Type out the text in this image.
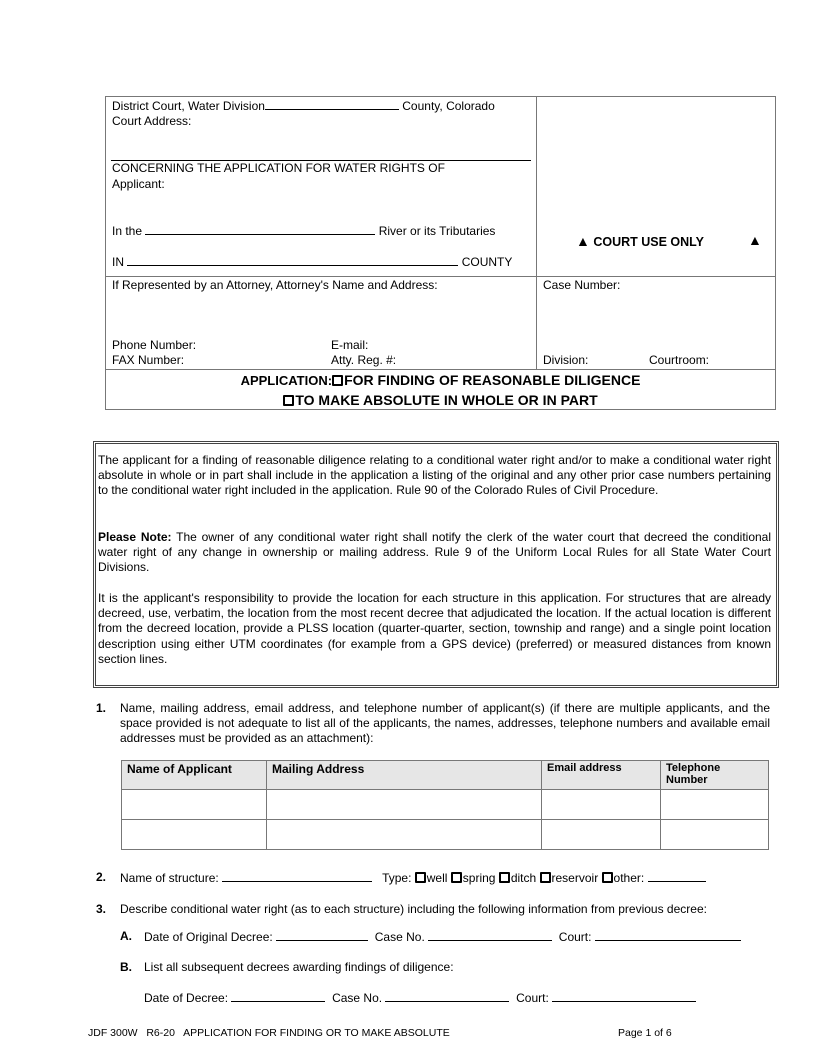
District Court, Water Division	County, Colorado
Court Address:
CONCERNING THE APPLICATION FOR WATER RIGHTS OF
Applicant:
In the	River or its Tributaries
IN	COUNTY
▲ COURT USE ONLY	▲
If Represented by an Attorney, Attorney's Name and Address:
Phone Number:	E-mail:
FAX Number:	Atty. Reg. #:
Case Number:
Division:	Courtroom:
APPLICATION: FOR FINDING OF REASONABLE DILIGENCE
TO MAKE ABSOLUTE IN WHOLE OR IN PART

The applicant for a finding of reasonable diligence relating to a conditional water right and/or to make a conditional water right absolute in whole or in part shall include in the application a listing of the original and any other prior case numbers pertaining to the conditional water right included in the application. Rule 90 of the Colorado Rules of Civil Procedure.

Please Note: The owner of any conditional water right shall notify the clerk of the water court that decreed the conditional water right of any change in ownership or mailing address. Rule 9 of the Uniform Local Rules for all State Water Court Divisions.

It is the applicant's responsibility to provide the location for each structure in this application. For structures that are already decreed, use, verbatim, the location from the most recent decree that adjudicated the location. If the actual location is different from the decreed location, provide a PLSS location (quarter-quarter, section, township and range) and a single point location description using either UTM coordinates (for example from a GPS device) (preferred) or measured distances from known section lines.

1. Name, mailing address, email address, and telephone number of applicant(s) (if there are multiple applicants, and the space provided is not adequate to list all of the applicants, the names, addresses, telephone numbers and available email addresses must be provided as an attachment):
Name of Applicant	Mailing Address	Email address	Telephone Number

2. Name of structure:	Type: well spring ditch reservoir other:
3. Describe conditional water right (as to each structure) including the following information from previous decree:
A. Date of Original Decree:	Case No.	Court:
B. List all subsequent decrees awarding findings of diligence:
Date of Decree:	Case No.	Court:
JDF 300W   R6-20   APPLICATION FOR FINDING OR TO MAKE ABSOLUTE	Page 1 of 6
